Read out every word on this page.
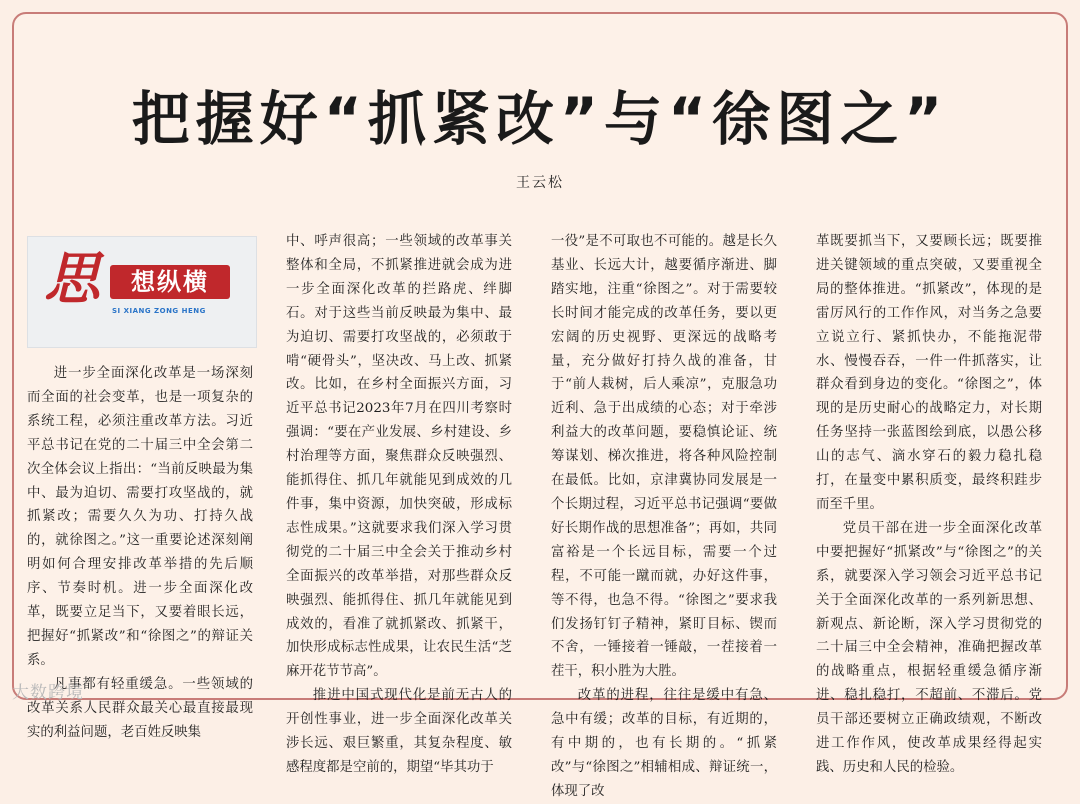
把握好“抓紧改”与“徐图之”
王云松
思	想纵横
SI XIANG ZONG HENG

进一步全面深化改革是一场深刻而全面的社会变革，也是一项复杂的系统工程，必须注重改革方法。习近平总书记在党的二十届三中全会第二次全体会议上指出：“当前反映最为集中、最为迫切、需要打攻坚战的，就抓紧改；需要久久为功、打持久战的，就徐图之。”这一重要论述深刻阐明如何合理安排改革举措的先后顺序、节奏时机。进一步全面深化改革，既要立足当下，又要着眼长远，把握好“抓紧改”和“徐图之”的辩证关系。

凡事都有轻重缓急。一些领域的改革关系人民群众最关心最直接最现实的利益问题，老百姓反映集

中、呼声很高；一些领域的改革事关整体和全局，不抓紧推进就会成为进一步全面深化改革的拦路虎、绊脚石。对于这些当前反映最为集中、最为迫切、需要打攻坚战的，必须敢于啃“硬骨头”，坚决改、马上改、抓紧改。比如，在乡村全面振兴方面，习近平总书记2023年7月在四川考察时强调：“要在产业发展、乡村建设、乡村治理等方面，聚焦群众反映强烈、能抓得住、抓几年就能见到成效的几件事，集中资源，加快突破，形成标志性成果。”这就要求我们深入学习贯彻党的二十届三中全会关于推动乡村全面振兴的改革举措，对那些群众反映强烈、能抓得住、抓几年就能见到成效的，看准了就抓紧改、抓紧干，加快形成标志性成果，让农民生活“芝麻开花节节高”。

推进中国式现代化是前无古人的开创性事业，进一步全面深化改革关涉长远、艰巨繁重，其复杂程度、敏感程度都是空前的，期望“毕其功于

一役”是不可取也不可能的。越是长久基业、长远大计，越要循序渐进、脚踏实地，注重“徐图之”。对于需要较长时间才能完成的改革任务，要以更宏阔的历史视野、更深远的战略考量，充分做好打持久战的准备，甘于“前人栽树，后人乘凉”，克服急功近利、急于出成绩的心态；对于牵涉利益大的改革问题，要稳慎论证、统筹谋划、梯次推进，将各种风险控制在最低。比如，京津冀协同发展是一个长期过程，习近平总书记强调“要做好长期作战的思想准备”；再如，共同富裕是一个长远目标，需要一个过程，不可能一蹴而就，办好这件事，等不得，也急不得。“徐图之”要求我们发扬钉钉子精神，紧盯目标、锲而不舍，一锤接着一锤敲，一茬接着一茬干，积小胜为大胜。

改革的进程，往往是缓中有急、急中有缓；改革的目标，有近期的，有中期的，也有长期的。“抓紧改”与“徐图之”相辅相成、辩证统一，体现了改

革既要抓当下，又要顾长远；既要推进关键领域的重点突破，又要重视全局的整体推进。“抓紧改”，体现的是雷厉风行的工作作风，对当务之急要立说立行、紧抓快办，不能拖泥带水、慢慢吞吞，一件一件抓落实，让群众看到身边的变化。“徐图之”，体现的是历史耐心的战略定力，对长期任务坚持一张蓝图绘到底，以愚公移山的志气、滴水穿石的毅力稳扎稳打，在量变中累积质变，最终积跬步而至千里。

党员干部在进一步全面深化改革中要把握好“抓紧改”与“徐图之”的关系，就要深入学习领会习近平总书记关于全面深化改革的一系列新思想、新观点、新论断，深入学习贯彻党的二十届三中全会精神，准确把握改革的战略重点，根据轻重缓急循序渐进、稳扎稳打，不超前、不滞后。党员干部还要树立正确政绩观，不断改进工作作风，使改革成果经得起实践、历史和人民的检验。

大数跨境
